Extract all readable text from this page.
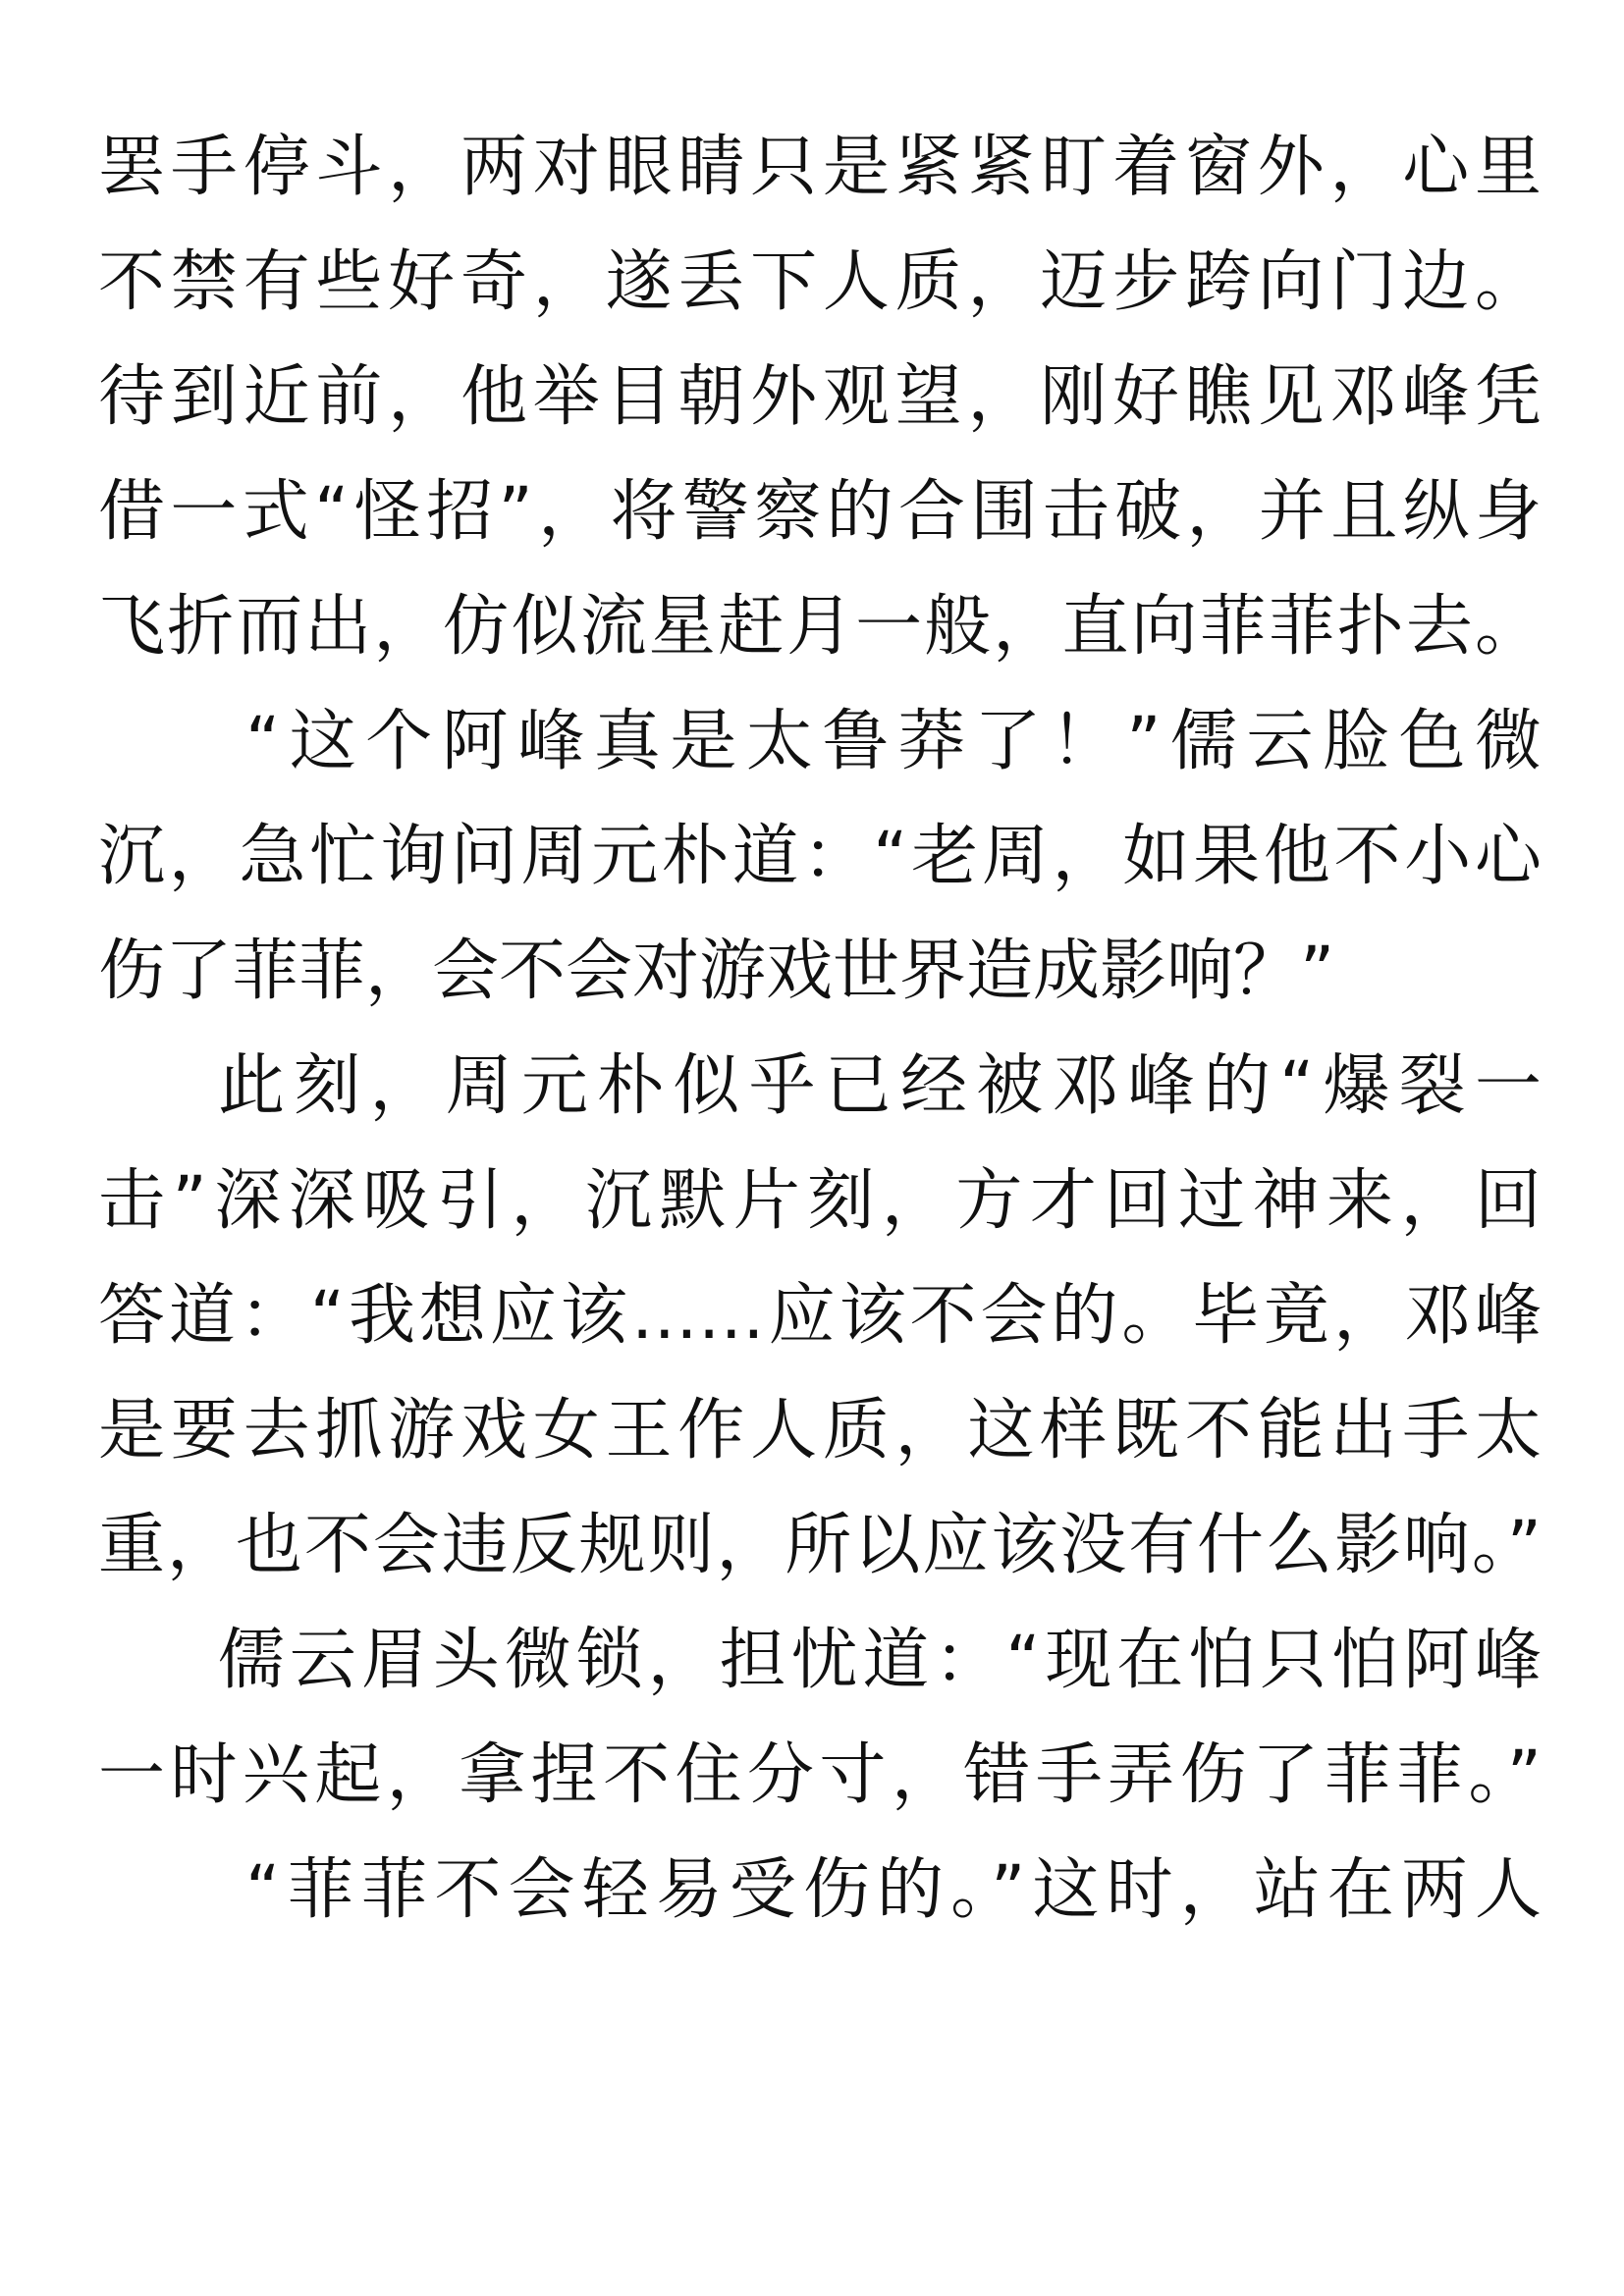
罢手停斗，两对眼睛只是紧紧盯着窗外，心里
不禁有些好奇，遂丢下人质，迈步跨向门边。
待到近前，他举目朝外观望，刚好瞧见邓峰凭
借一式“怪招”，将警察的合围击破，并且纵身
飞折而出，仿似流星赶月一般，直向菲菲扑去。
“这个阿峰真是太鲁莽了！”儒云脸色微
沉，急忙询问周元朴道：“老周，如果他不小心
伤了菲菲，会不会对游戏世界造成影响？”
此刻，周元朴似乎已经被邓峰的“爆裂一
击”深深吸引，沉默片刻，方才回过神来，回
答道：“我想应该……应该不会的。毕竟，邓峰
是要去抓游戏女王作人质，这样既不能出手太
重，也不会违反规则，所以应该没有什么影响。”
儒云眉头微锁，担忧道：“现在怕只怕阿峰
一时兴起，拿捏不住分寸，错手弄伤了菲菲。”
“菲菲不会轻易受伤的。”这时，站在两人
